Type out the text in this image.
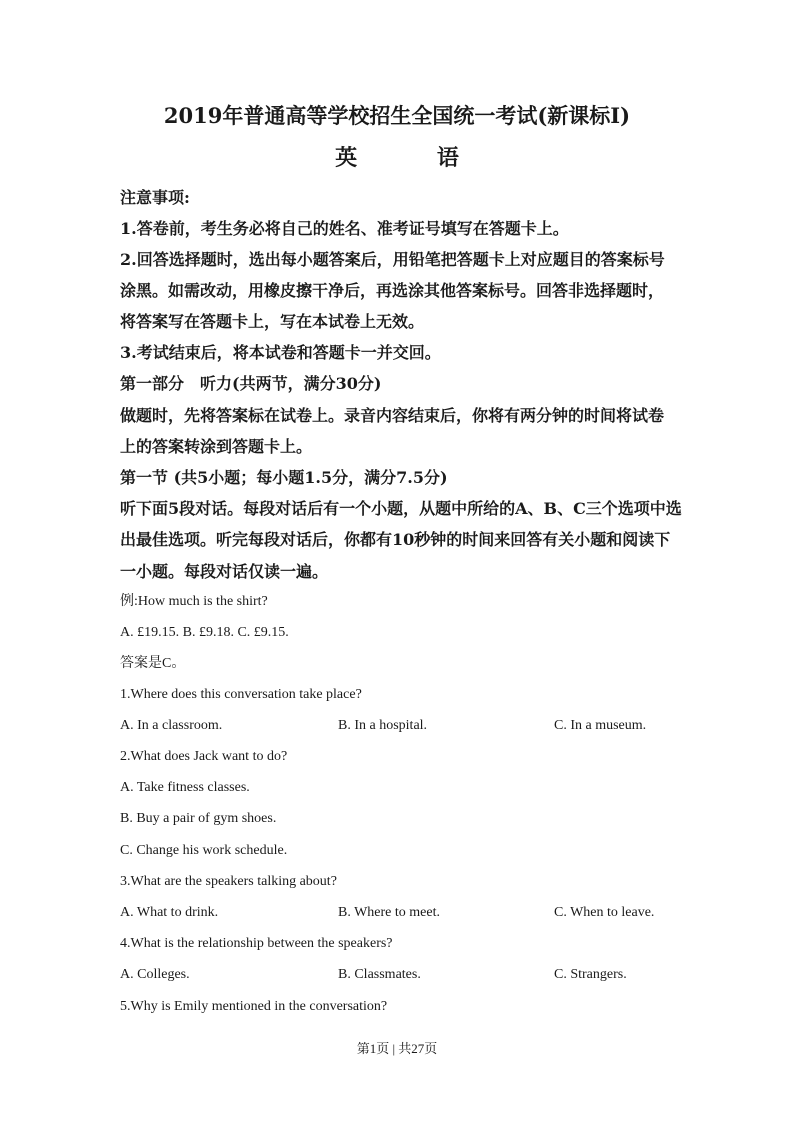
2019年普通高等学校招生全国统一考试(新课标I)
英 语

注意事项:

1.答卷前，考生务必将自己的姓名、准考证号填写在答题卡上。

2.回答选择题时，选出每小题答案后，用铅笔把答题卡上对应题目的答案标号

涂黑。如需改动，用橡皮擦干净后，再选涂其他答案标号。回答非选择题时，

将答案写在答题卡上，写在本试卷上无效。

3.考试结束后，将本试卷和答题卡一并交回。

第一部分　听力(共两节，满分30分)

做题时，先将答案标在试卷上。录音内容结束后，你将有两分钟的时间将试卷

上的答案转涂到答题卡上。

第一节 (共5小题；每小题1.5分，满分7.5分)

听下面5段对话。每段对话后有一个小题，从题中所给的A、B、C三个选项中选

出最佳选项。听完每段对话后，你都有10秒钟的时间来回答有关小题和阅读下

一小题。每段对话仅读一遍。

例:How much is the shirt?

A. £19.15. B. £9.18. C. £9.15.

答案是C。

1.Where does this conversation take place?

A. In a classroom.	B. In a hospital.	C. In a museum.

2.What does Jack want to do?

A. Take fitness classes.

B. Buy a pair of gym shoes.

C. Change his work schedule.

3.What are the speakers talking about?

A. What to drink.	B. Where to meet.	C. When to leave.

4.What is the relationship between the speakers?

A. Colleges.	B. Classmates.	C. Strangers.

5.Why is Emily mentioned in the conversation?

第1页 | 共27页
